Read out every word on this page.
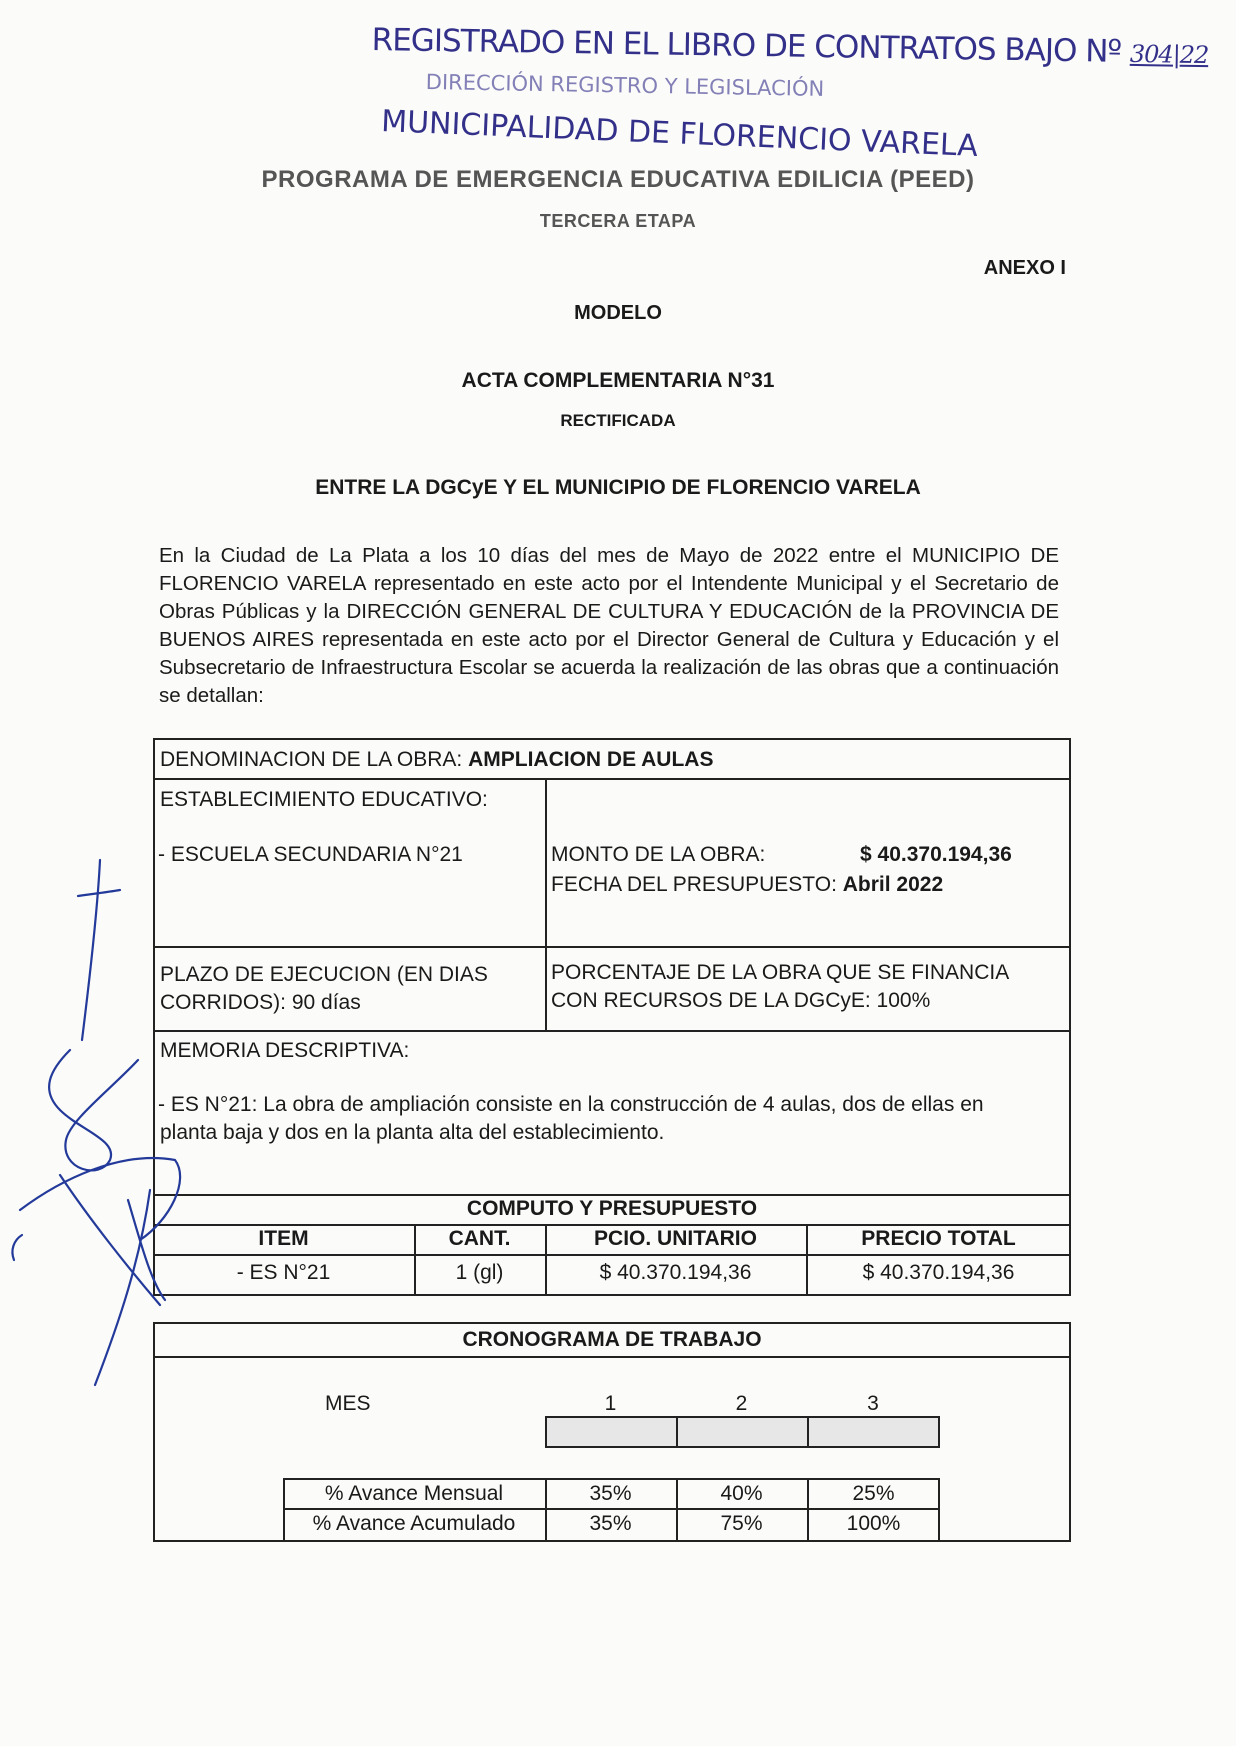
REGISTRADO EN EL LIBRO DE CONTRATOS BAJO Nº 304|22
DIRECCIÓN REGISTRO Y LEGISLACIÓN
MUNICIPALIDAD DE FLORENCIO VARELA
PROGRAMA DE EMERGENCIA EDUCATIVA EDILICIA (PEED)
TERCERA ETAPA
ANEXO I
MODELO
ACTA COMPLEMENTARIA N°31
RECTIFICADA
ENTRE LA DGCyE Y EL MUNICIPIO DE FLORENCIO VARELA
En la Ciudad de La Plata a los 10 días del mes de Mayo de 2022 entre el MUNICIPIO DE FLORENCIO VARELA representado en este acto por el Intendente Municipal y el Secretario de Obras Públicas y la DIRECCIÓN GENERAL DE CULTURA Y EDUCACIÓN de la PROVINCIA DE BUENOS AIRES representada en este acto por el Director General de Cultura y Educación y el Subsecretario de Infraestructura Escolar se acuerda la realización de las obras que a continuación se detallan:
DENOMINACION DE LA OBRA: AMPLIACION DE AULAS
ESTABLECIMIENTO EDUCATIVO:
- ESCUELA SECUNDARIA N°21	MONTO DE LA OBRA:	$ 40.370.194,36
FECHA DEL PRESUPUESTO: Abril 2022
PLAZO DE EJECUCION (EN DIAS
CORRIDOS): 90 días
PORCENTAJE DE LA OBRA QUE SE FINANCIA
CON RECURSOS DE LA DGCyE: 100%
MEMORIA DESCRIPTIVA:
- ES N°21: La obra de ampliación consiste en la construcción de 4 aulas, dos de ellas en
planta baja y dos en la planta alta del establecimiento.
COMPUTO Y PRESUPUESTO
ITEM	CANT.	PCIO. UNITARIO	PRECIO TOTAL
- ES N°21	1 (gl)	$ 40.370.194,36	$ 40.370.194,36
CRONOGRAMA DE TRABAJO
MES	1	2	3
% Avance Mensual	35%	40%	25%
% Avance Acumulado	35%	75%	100%
